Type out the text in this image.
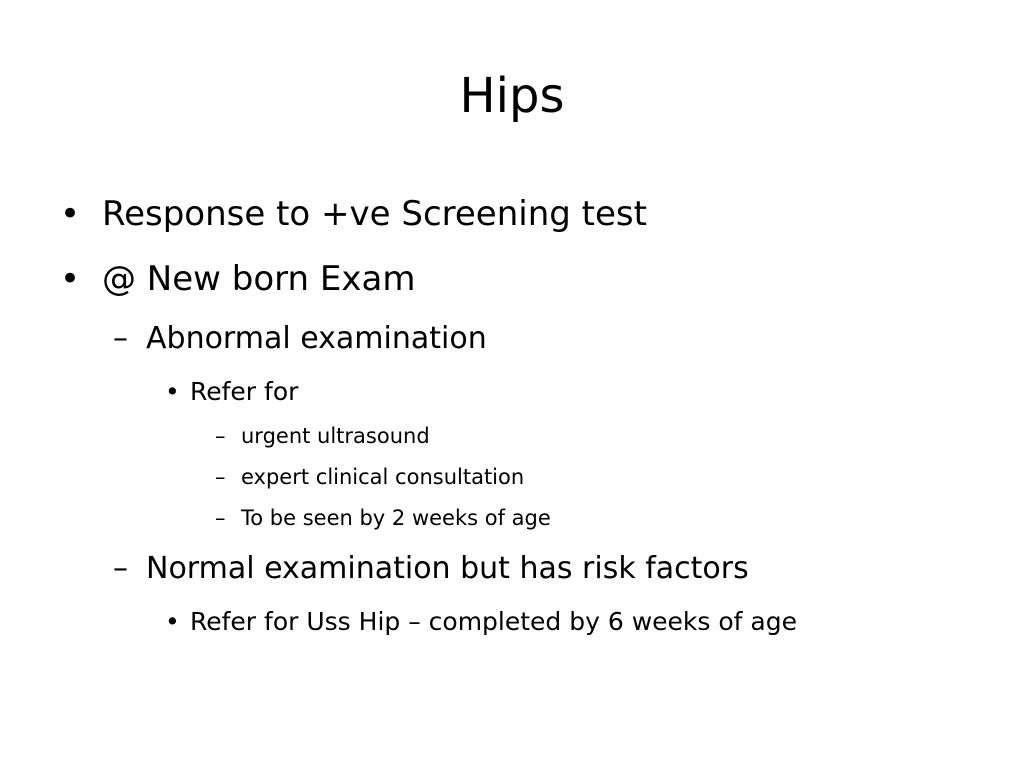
Hips
• Response to +ve Screening test
• @ New born Exam
– Abnormal examination
• Refer for
– urgent ultrasound
– expert clinical consultation
– To be seen by 2 weeks of age
– Normal examination but has risk factors
• Refer for Uss Hip – completed by 6 weeks of age
